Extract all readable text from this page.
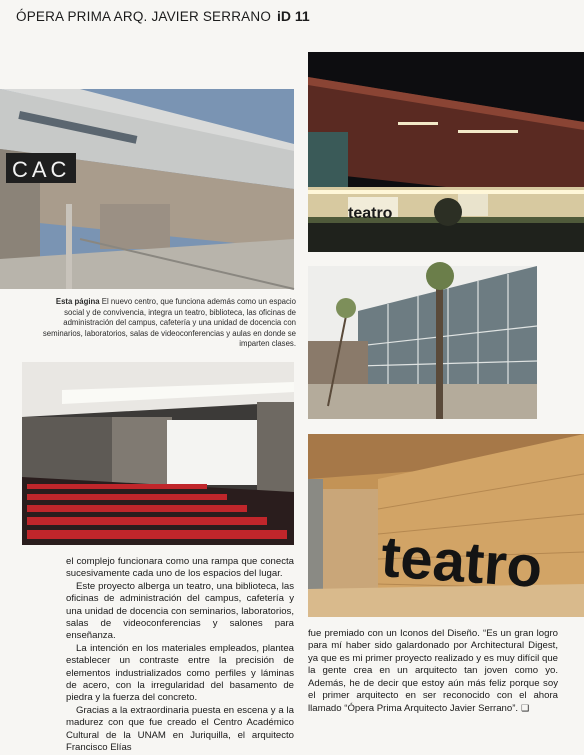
ÓPERA PRIMA ARQ. JAVIER SERRANO iD 11
CAC
teatro
Esta página El nuevo centro, que funciona además como un espacio social y de convivencia, integra un teatro, biblioteca, las oficinas de administración del campus, cafetería y una unidad de docencia con seminarios, laboratorios, salas de videoconferencias y aulas en donde se imparten clases.
teatro

el complejo funcionara como una rampa que conecta sucesivamente cada uno de los espacios del lugar.

Este proyecto alberga un teatro, una biblioteca, las oficinas de administración del campus, cafetería y una unidad de docencia con seminarios, laboratorios, salas de videoconferencias y salones para enseñanza.

La intención en los materiales empleados, plantea establecer un contraste entre la precisión de elementos industrializados como perfiles y láminas de acero, con la irregularidad del basamento de piedra y la fuerza del concreto.

Gracias a la extraordinaria puesta en escena y a la madurez con que fue creado el Centro Académico Cultural de la UNAM en Juriquilla, el arquitecto Francisco Elías

fue premiado con un Iconos del Diseño. “Es un gran logro para mí haber sido galardonado por Architectural Digest, ya que es mi primer proyecto realizado y es muy difícil que la gente crea en un arquitecto tan joven como yo. Además, he de decir que estoy aún más feliz porque soy el primer arquitecto en ser reconocido con el ahora llamado “Ópera Prima Arquitecto Javier Serrano”. ❑
